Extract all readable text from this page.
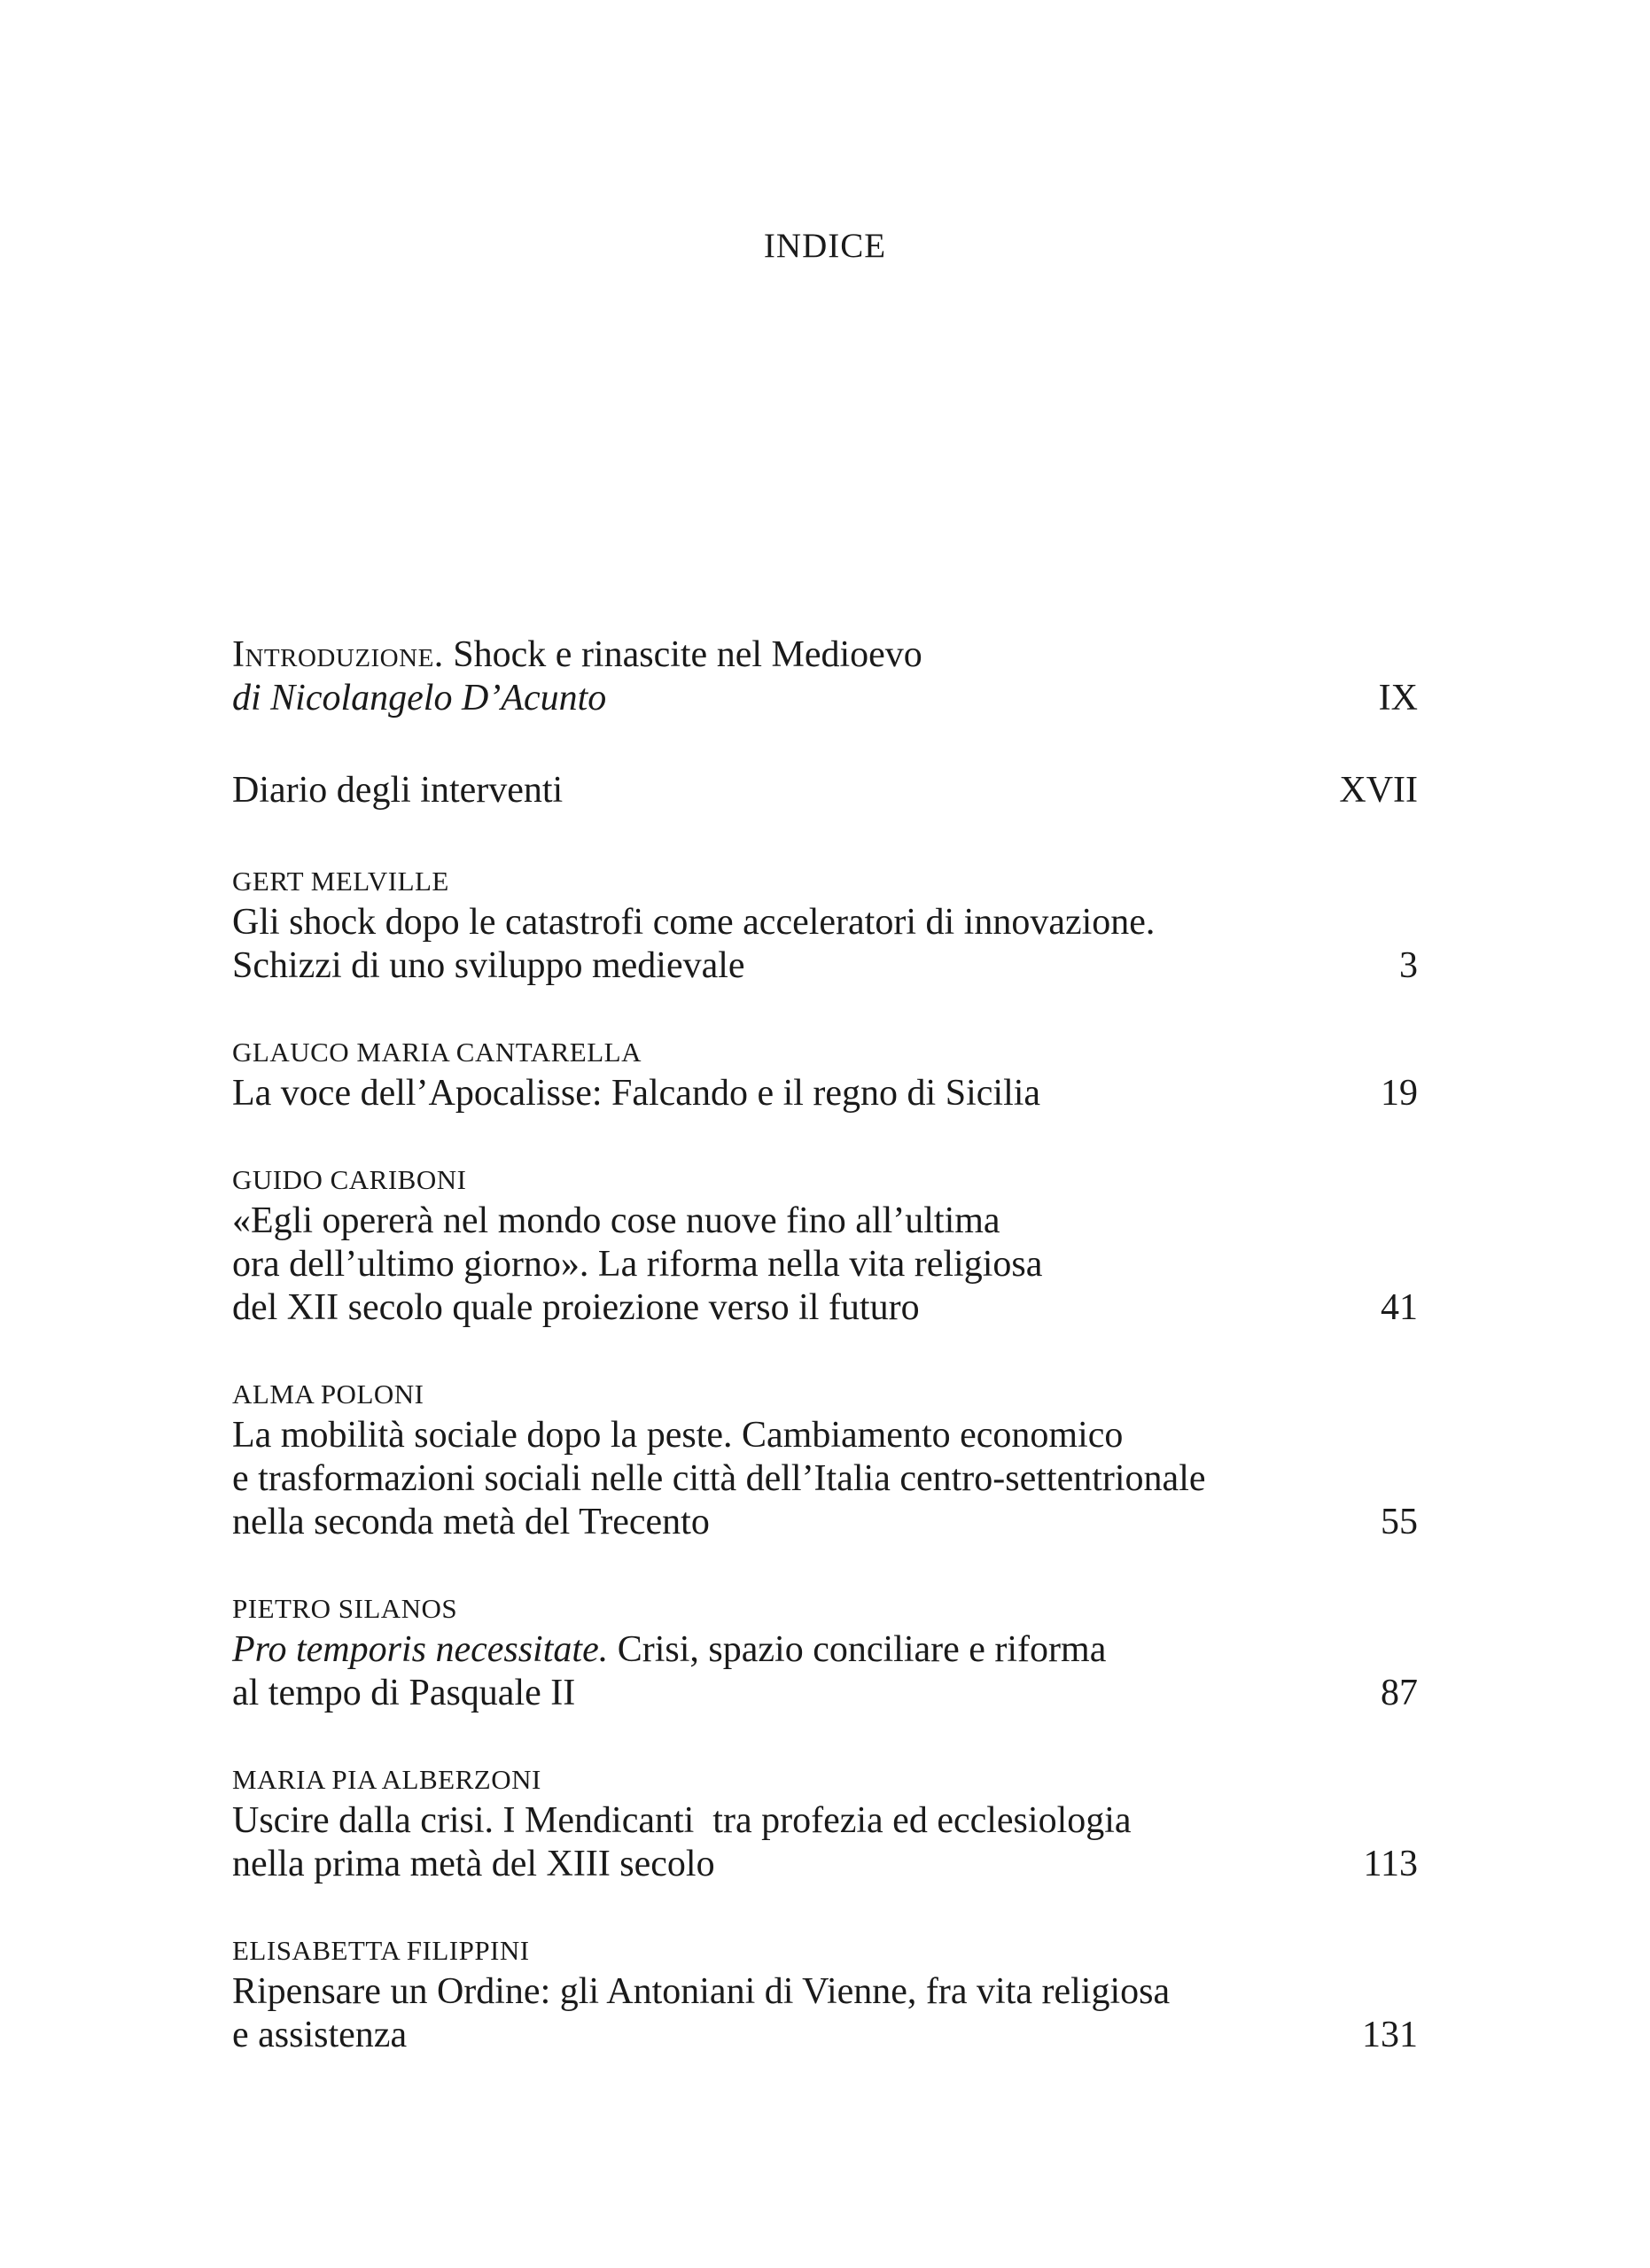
INDICE
Introduzione. Shock e rinascite nel Medioevo
di Nicolangelo D’Acunto	IX
Diario degli interventi	XVII
GERT MELVILLE
Gli shock dopo le catastrofi come acceleratori di innovazione.
Schizzi di uno sviluppo medievale	3
GLAUCO MARIA CANTARELLA
La voce dell’Apocalisse: Falcando e il regno di Sicilia	19
GUIDO CARIBONI
«Egli opererà nel mondo cose nuove fino all’ultima
ora dell’ultimo giorno». La riforma nella vita religiosa
del XII secolo quale proiezione verso il futuro	41
ALMA POLONI
La mobilità sociale dopo la peste. Cambiamento economico
e trasformazioni sociali nelle città dell’Italia centro-settentrionale
nella seconda metà del Trecento	55
PIETRO SILANOS
Pro temporis necessitate. Crisi, spazio conciliare e riforma
al tempo di Pasquale II	87
MARIA PIA ALBERZONI
Uscire dalla crisi. I Mendicanti  tra profezia ed ecclesiologia
nella prima metà del XIII secolo	113
ELISABETTA FILIPPINI
Ripensare un Ordine: gli Antoniani di Vienne, fra vita religiosa
e assistenza	131
